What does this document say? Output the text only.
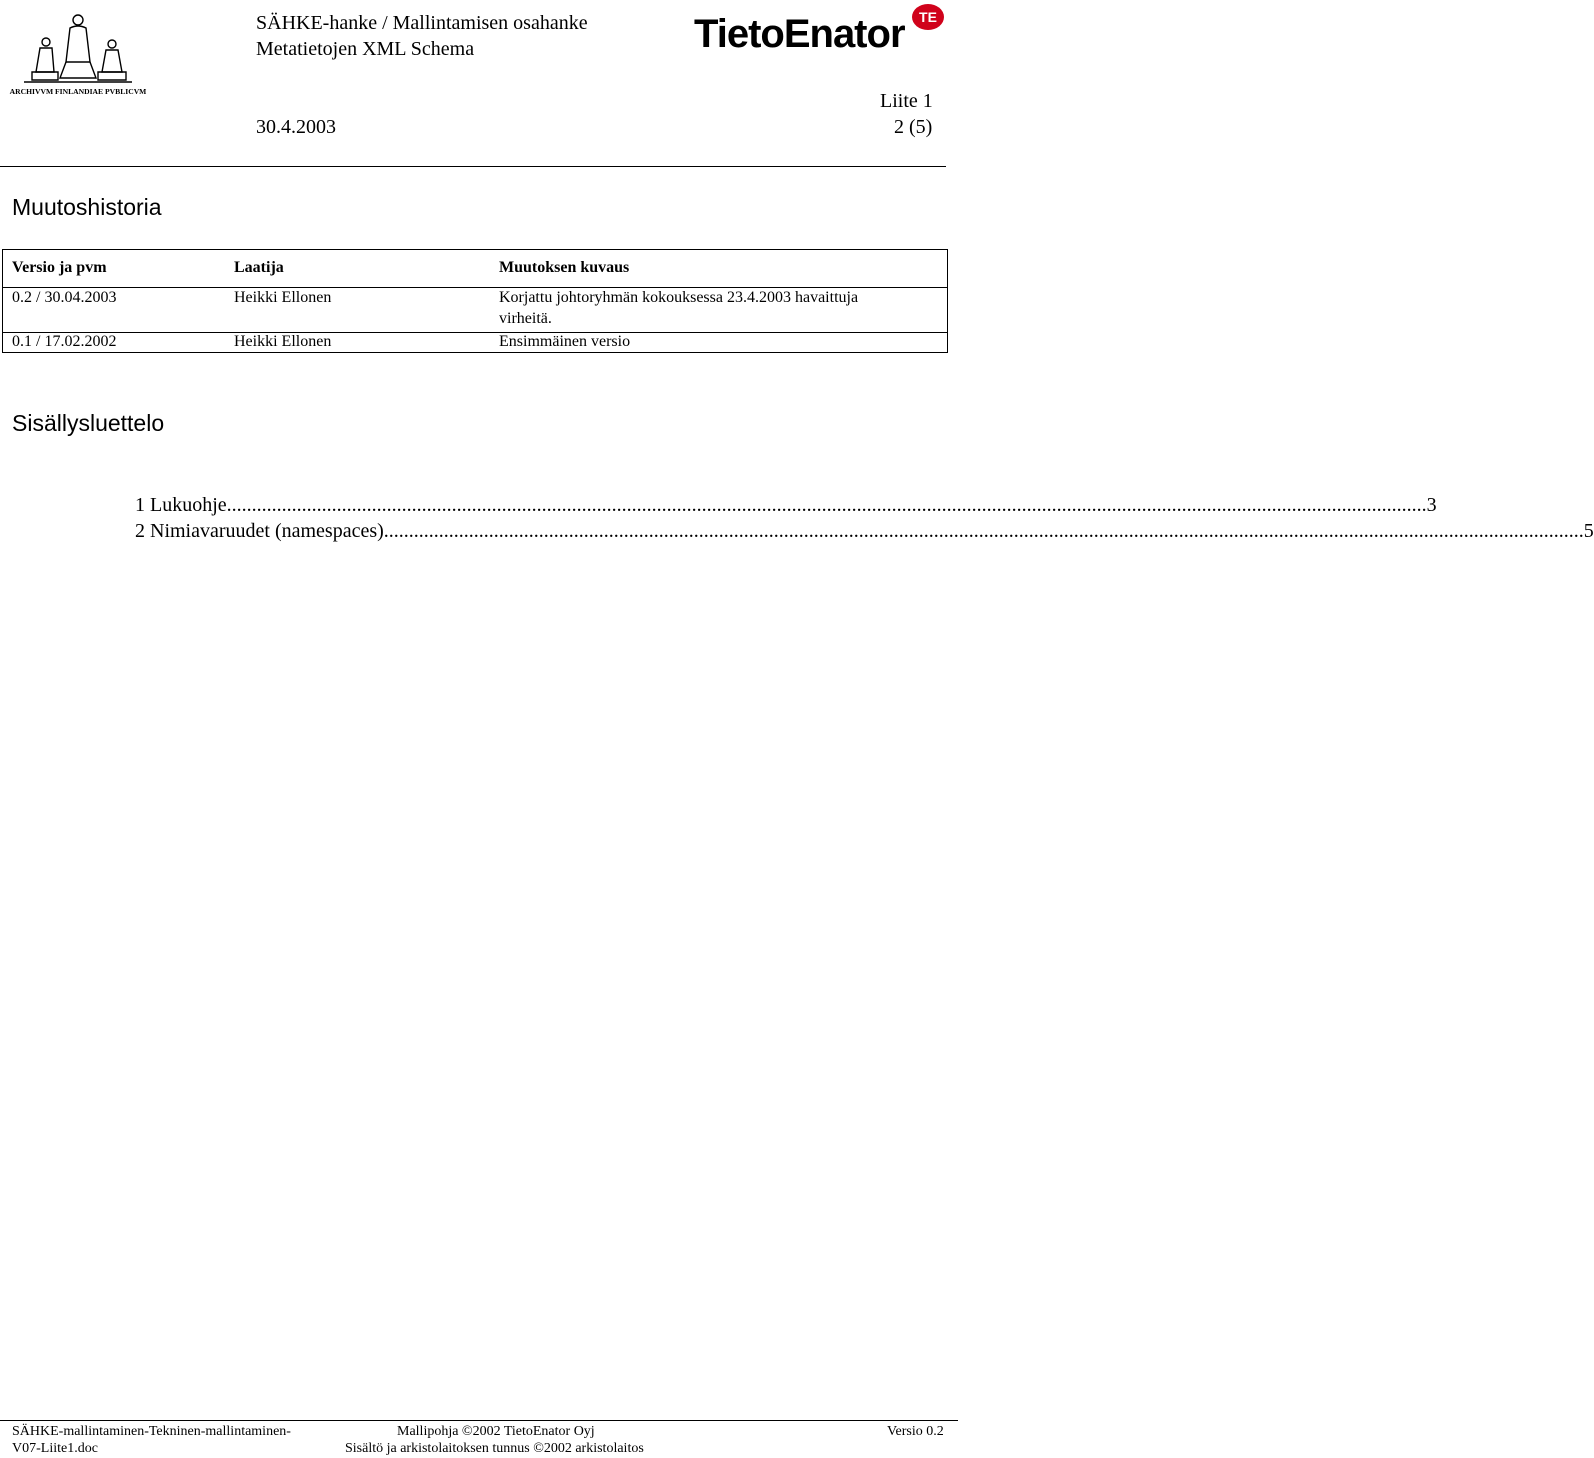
ARCHIVVM FINLANDIAE PVBLICVM
SÄHKE-hanke / Mallintamisen osahanke
Metatietojen XML Schema	TietoEnator	TE
Liite 1
30.4.2003	2 (5)
Muutoshistoria
Versio ja pvm	Laatija	Muutoksen kuvaus
0.2 / 30.04.2003	Heikki Ellonen	Korjattu johtoryhmän kokouksessa 23.4.2003 havaittuja
virheitä.
0.1 / 17.02.2002	Heikki Ellonen	Ensimmäinen versio
Sisällysluettelo
1 Lukuohje .....	3
2 Nimiavaruudet (namespaces) .....	5
SÄHKE-mallintaminen-Tekninen-mallintaminen-
V07-Liite1.doc
Mallipohja ©2002 TietoEnator Oyj
Sisältö ja arkistolaitoksen tunnus ©2002 arkistolaitos
Versio 0.2
